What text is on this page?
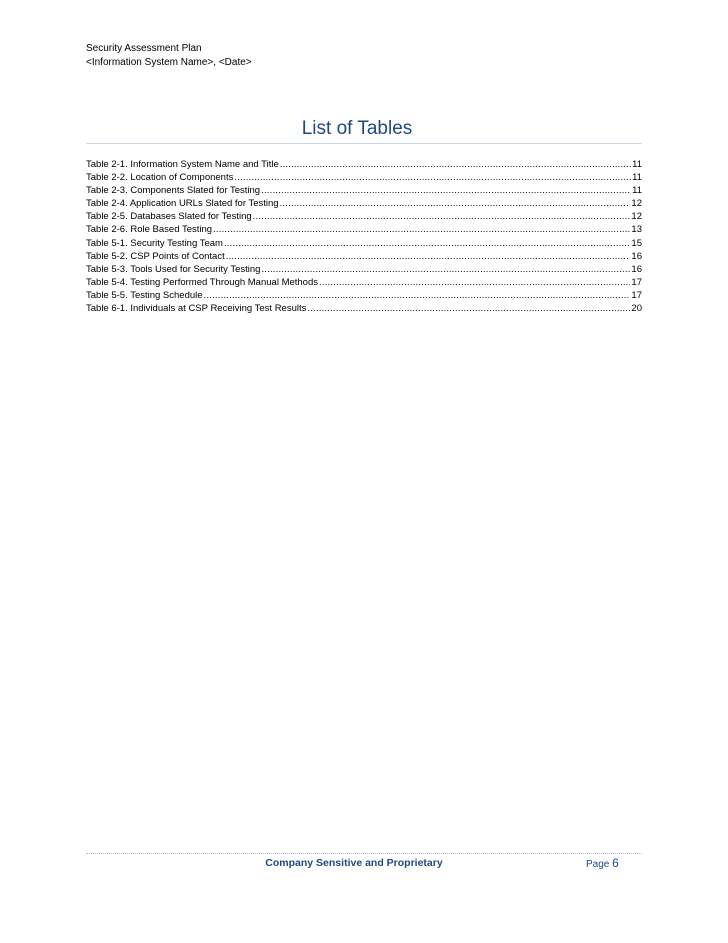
Security Assessment Plan
<Information System Name>, <Date>
List of Tables
Table 2-1. Information System Name and Title .....	11
Table 2-2. Location of Components .....	11
Table 2-3. Components Slated for Testing .....	11
Table 2-4. Application URLs Slated for Testing .....	12
Table 2-5. Databases Slated for Testing .....	12
Table 2-6. Role Based Testing .....	13
Table 5-1. Security Testing Team .....	15
Table 5-2. CSP Points of Contact .....	16
Table 5-3. Tools Used for Security Testing .....	16
Table 5-4. Testing Performed Through Manual Methods .....	17
Table 5-5. Testing Schedule .....	17
Table 6-1. Individuals at CSP Receiving Test Results .....	20
Company Sensitive and Proprietary	Page 6
